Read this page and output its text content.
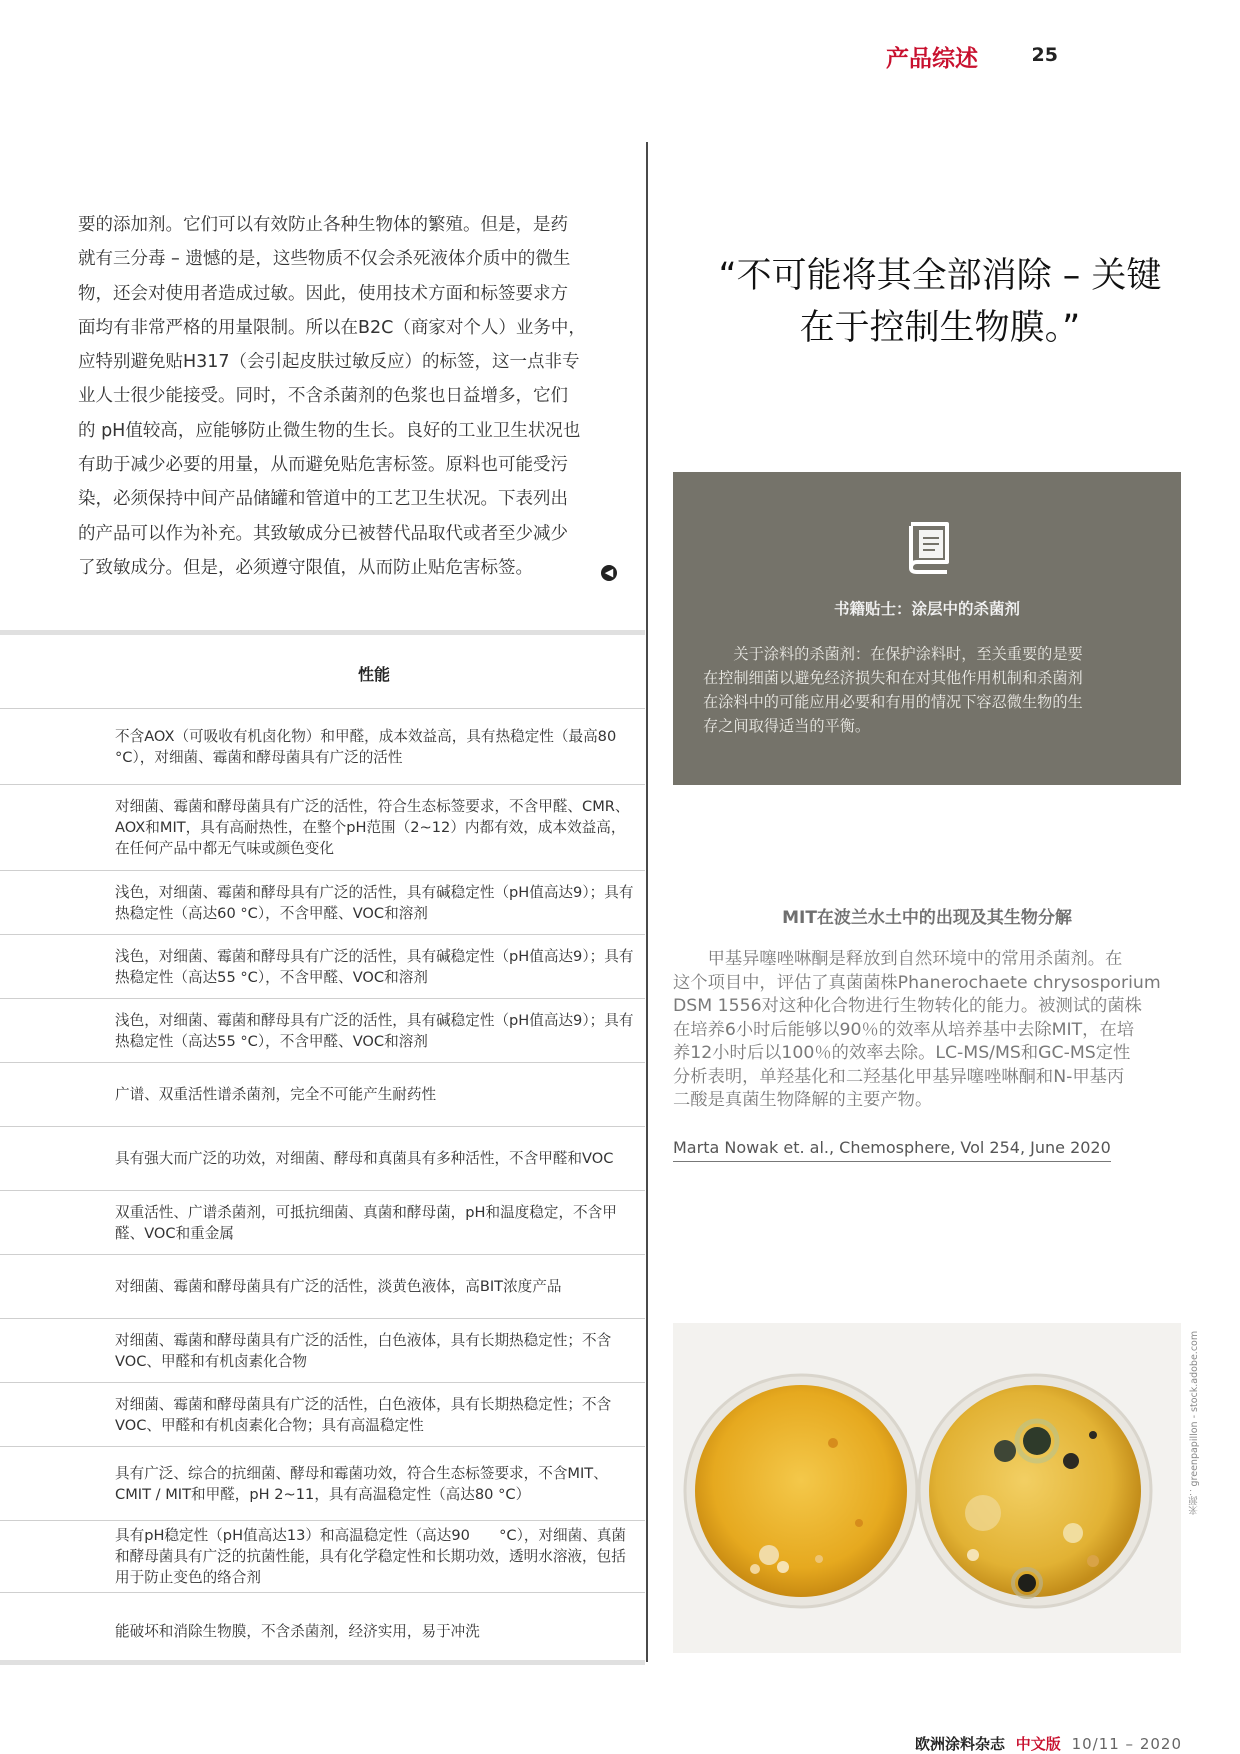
产品综述	25
要的添加剂。它们可以有效防止各种生物体的繁殖。但是，是药
就有三分毒 – 遗憾的是，这些物质不仅会杀死液体介质中的微生
物，还会对使用者造成过敏。因此，使用技术方面和标签要求方
面均有非常严格的用量限制。所以在B2C（商家对个人）业务中，
应特别避免贴H317（会引起皮肤过敏反应）的标签，这一点非专
业人士很少能接受。同时，不含杀菌剂的色浆也日益增多，它们
的 pH值较高，应能够防止微生物的生长。良好的工业卫生状况也
有助于减少必要的用量，从而避免贴危害标签。原料也可能受污
染，必须保持中间产品储罐和管道中的工艺卫生状况。下表列出
的产品可以作为补充。其致敏成分已被替代品取代或者至少减少
了致敏成分。但是，必须遵守限值，从而防止贴危害标签。	◀
性能
不含AOX（可吸收有机卤化物）和甲醛，成本效益高，具有热稳定性（最高80 °C），对细菌、霉菌和酵母菌具有广泛的活性
对细菌、霉菌和酵母菌具有广泛的活性，符合生态标签要求，不含甲醛、CMR、AOX和MIT，具有高耐热性，在整个pH范围（2~12）内都有效，成本效益高，在任何产品中都无气味或颜色变化
浅色，对细菌、霉菌和酵母具有广泛的活性，具有碱稳定性（pH值高达9）；具有热稳定性（高达60 °C），不含甲醛、VOC和溶剂
浅色，对细菌、霉菌和酵母具有广泛的活性，具有碱稳定性（pH值高达9）；具有热稳定性（高达55 °C），不含甲醛、VOC和溶剂
浅色，对细菌、霉菌和酵母具有广泛的活性，具有碱稳定性（pH值高达9）；具有热稳定性（高达55 °C），不含甲醛、VOC和溶剂
广谱、双重活性谱杀菌剂，完全不可能产生耐药性
具有强大而广泛的功效，对细菌、酵母和真菌具有多种活性，不含甲醛和VOC
双重活性、广谱杀菌剂，可抵抗细菌、真菌和酵母菌，pH和温度稳定，不含甲醛、VOC和重金属
对细菌、霉菌和酵母菌具有广泛的活性，淡黄色液体，高BIT浓度产品
对细菌、霉菌和酵母菌具有广泛的活性，白色液体，具有长期热稳定性；不含VOC、甲醛和有机卤素化合物
对细菌、霉菌和酵母菌具有广泛的活性，白色液体，具有长期热稳定性；不含VOC、甲醛和有机卤素化合物；具有高温稳定性
具有广泛、综合的抗细菌、酵母和霉菌功效，符合生态标签要求，不含MIT、CMIT / MIT和甲醛，pH 2~11，具有高温稳定性（高达80 °C）
具有pH稳定性（pH值高达13）和高温稳定性（高达90　　°C），对细菌、真菌和酵母菌具有广泛的抗菌性能，具有化学稳定性和长期功效，透明水溶液，包括用于防止变色的络合剂
能破坏和消除生物膜，不含杀菌剂，经济实用，易于冲洗
“不可能将其全部消除 – 关键
在于控制生物膜。”
书籍贴士：涂层中的杀菌剂
　　关于涂料的杀菌剂：在保护涂料时，至关重要的是要
在控制细菌以避免经济损失和在对其他作用机制和杀菌剂
在涂料中的可能应用必要和有用的情况下容忍微生物的生
存之间取得适当的平衡。
MIT在波兰水土中的出现及其生物分解
　　甲基异噻唑啉酮是释放到自然环境中的常用杀菌剂。在
这个项目中，评估了真菌菌株Phanerochaete chrysosporium
DSM 1556对这种化合物进行生物转化的能力。被测试的菌株
在培养6小时后能够以90％的效率从培养基中去除MIT，在培
养12小时后以100％的效率去除。LC-MS/MS和GC-MS定性
分析表明，单羟基化和二羟基化甲基异噻唑啉酮和N-甲基丙
二酸是真菌生物降解的主要产物。
Marta Nowak et. al., Chemosphere, Vol 254, June 2020
来源：greenpapillon - stock.adobe.com
欧洲涂料杂志 中文版 10/11 – 2020
